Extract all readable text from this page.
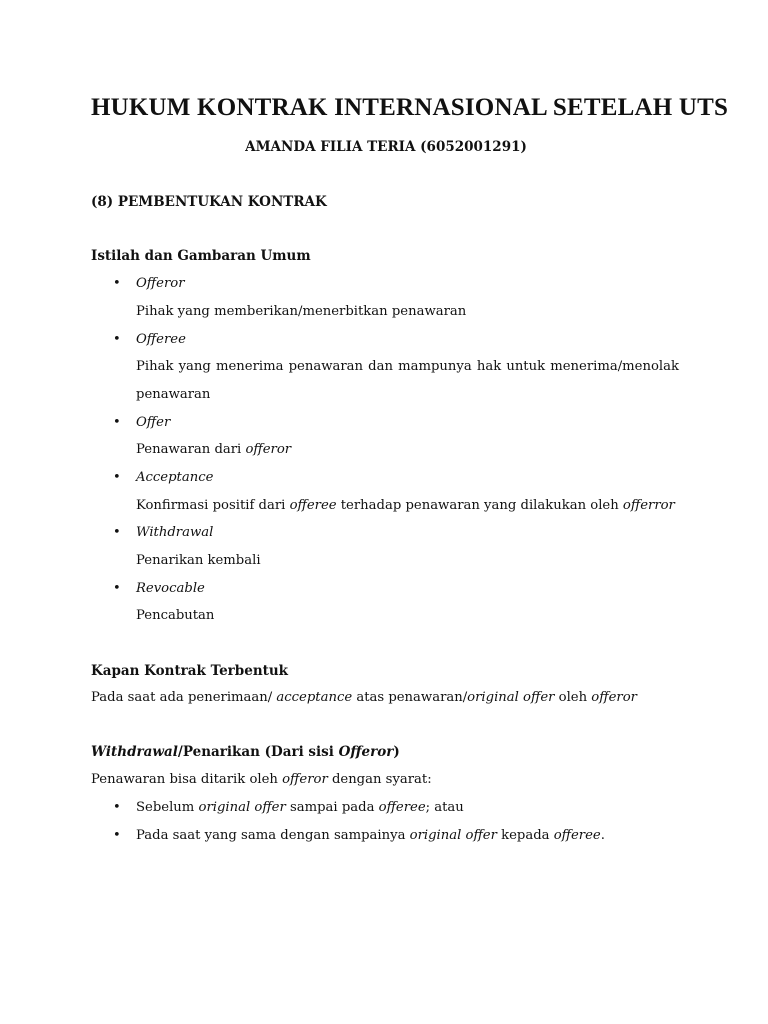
HUKUM KONTRAK INTERNASIONAL SETELAH UTS

AMANDA FILIA TERIA (6052001291)

(8) PEMBENTUKAN KONTRAK

Istilah dan Gambaran Umum

• Offeror

Pihak yang memberikan/menerbitkan penawaran

• Offeree

Pihak yang menerima penawaran dan mampunya hak untuk menerima/menolak

penawaran

• Offer

Penawaran dari offeror

• Acceptance

Konfirmasi positif dari offeree terhadap penawaran yang dilakukan oleh offerror

• Withdrawal

Penarikan kembali

• Revocable

Pencabutan

Kapan Kontrak Terbentuk

Pada saat ada penerimaan/ acceptance atas penawaran/original offer oleh offeror

Withdrawal/Penarikan (Dari sisi Offeror)

Penawaran bisa ditarik oleh offeror dengan syarat:

• Sebelum original offer sampai pada offeree; atau

• Pada saat yang sama dengan sampainya original offer kepada offeree.
